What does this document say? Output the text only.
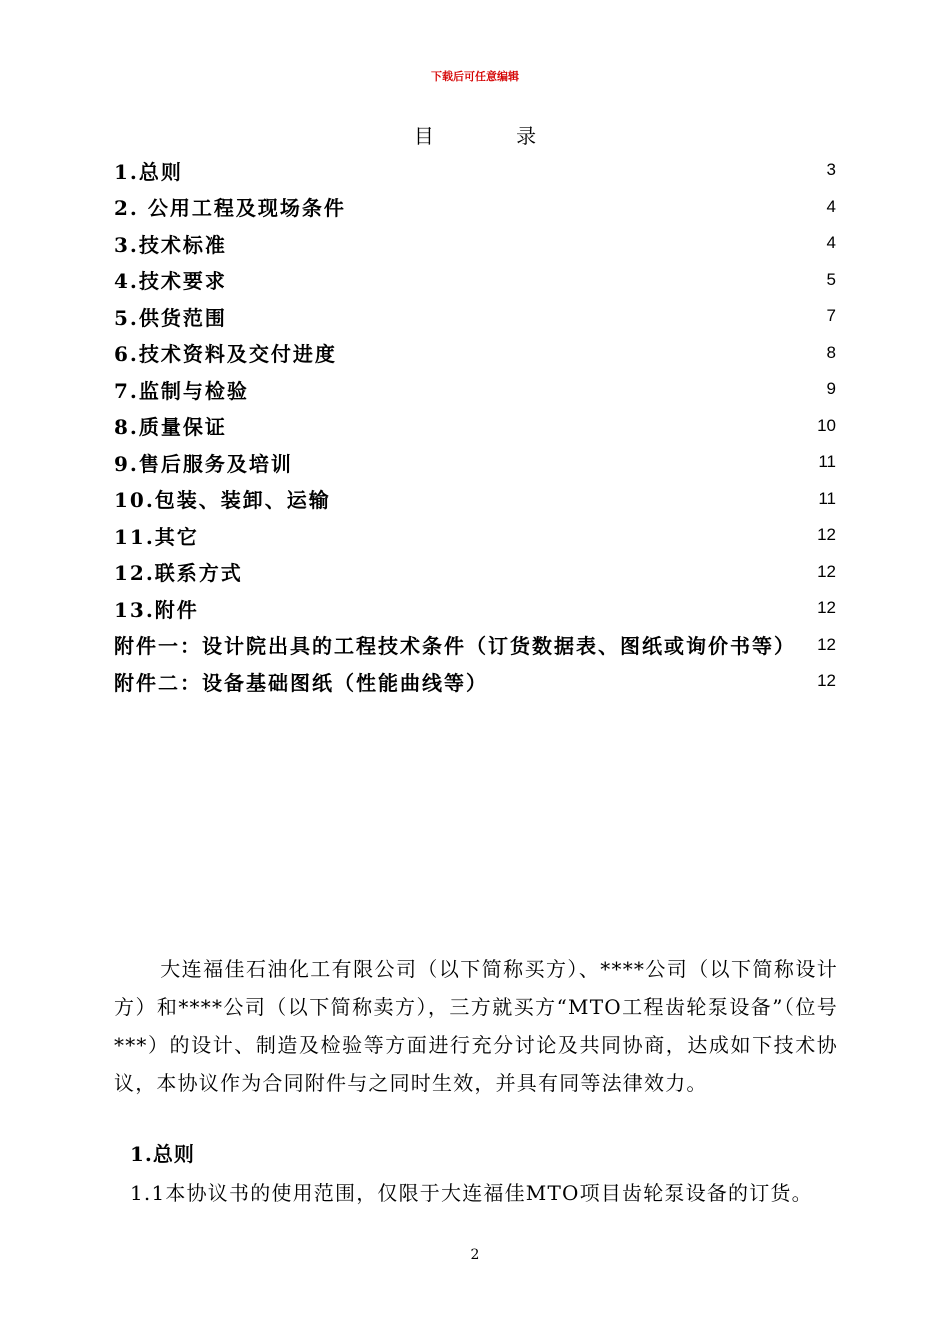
下载后可任意编辑
目 录
1.总则	3
2. 公用工程及现场条件	4
3.技术标准	4
4.技术要求	5
5.供货范围	7
6.技术资料及交付进度	8
7.监制与检验	9
8.质量保证	10
9.售后服务及培训	11
10.包装、装卸、运输	11
11.其它	12
12.联系方式	12
13.附件	12
附件一：设计院出具的工程技术条件（订货数据表、图纸或询价书等） 12
附件二：设备基础图纸（性能曲线等）	12

大连福佳石油化工有限公司（以下简称买方）、****公司（以下简称设计方）和****公司（以下简称卖方），三方就买方“MTO工程齿轮泵设备”（位号***）的设计、制造及检验等方面进行充分讨论及共同协商，达成如下技术协议，本协议作为合同附件与之同时生效，并具有同等法律效力。

1.总则
1.1本协议书的使用范围，仅限于大连福佳MTO项目齿轮泵设备的订货。
2
